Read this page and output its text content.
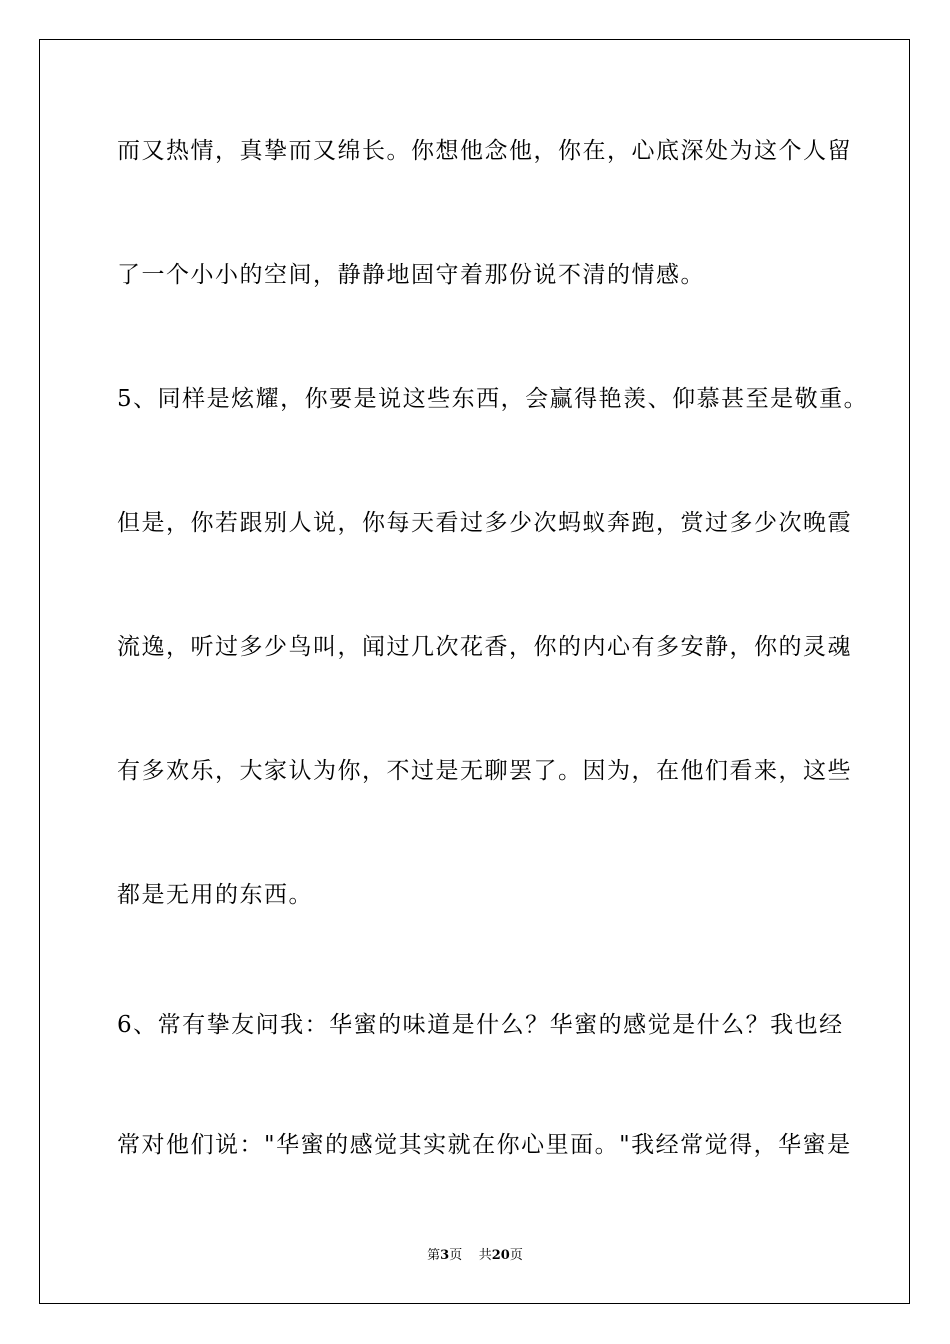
而又热情，真挚而又绵长。你想他念他，你在，心底深处为这个人留
了一个小小的空间，静静地固守着那份说不清的情感。
5、同样是炫耀，你要是说这些东西，会赢得艳羡、仰慕甚至是敬重。
但是，你若跟别人说，你每天看过多少次蚂蚁奔跑，赏过多少次晚霞
流逸，听过多少鸟叫，闻过几次花香，你的内心有多安静，你的灵魂
有多欢乐，大家认为你，不过是无聊罢了。因为，在他们看来，这些
都是无用的东西。
6、常有挚友问我：华蜜的味道是什么？华蜜的感觉是什么？我也经
常对他们说："华蜜的感觉其实就在你心里面。"我经常觉得，华蜜是
第3页 共20页
